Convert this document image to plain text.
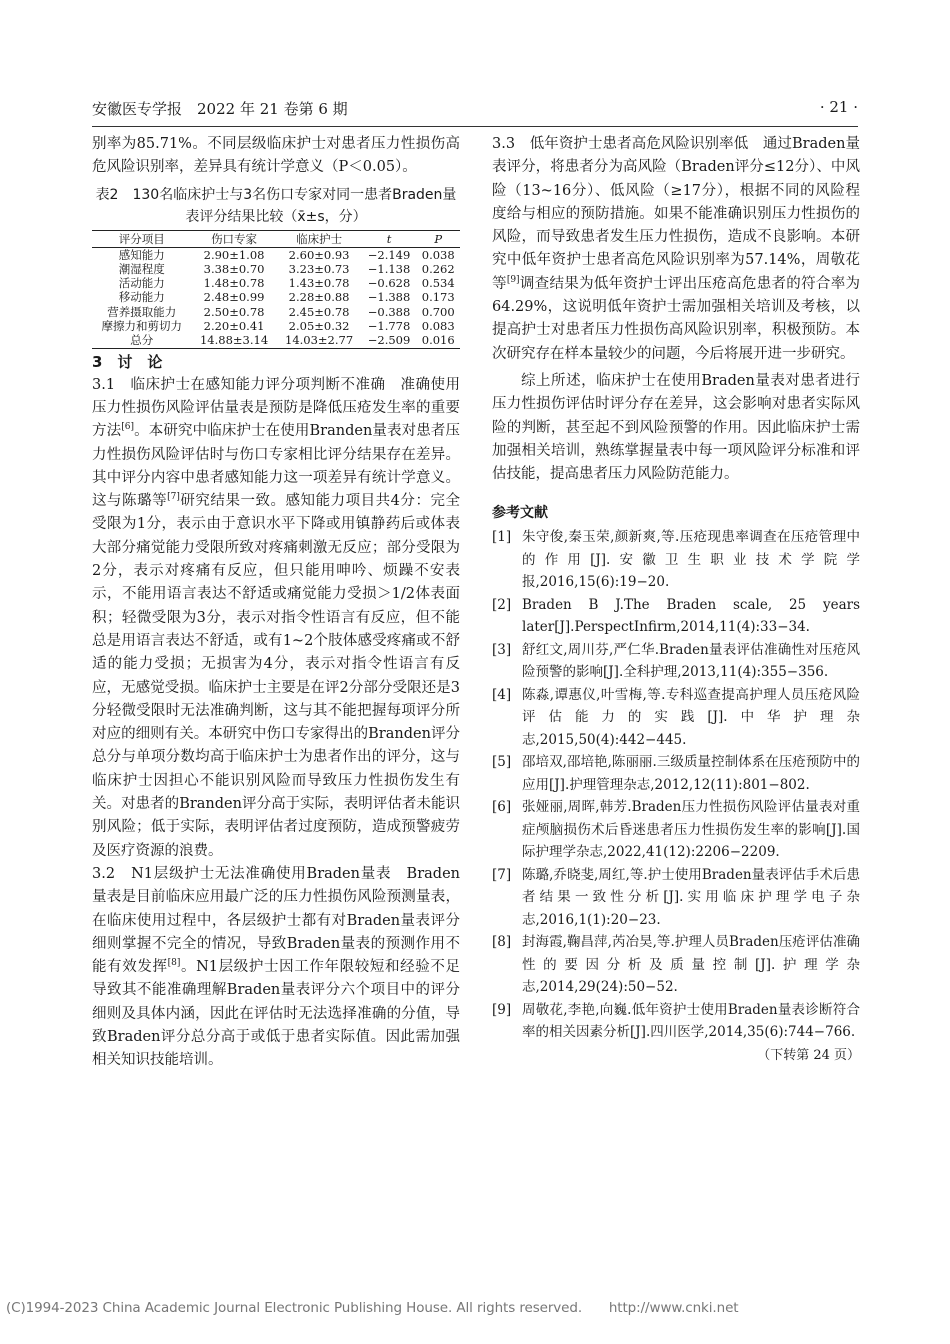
安徽医专学报　2022 年 21 卷第 6 期	· 21 ·

别率为85.71%。不同层级临床护士对患者压力性损伤高危风险识别率，差异具有统计学意义（P＜0.05）。

表2　130名临床护士与3名伤口专家对同一患者Braden量表评分结果比较（x̄±s，分）
评分项目	伤口专家	临床护士	t	P
感知能力	2.90±1.08	2.60±0.93	−2.149	0.038
潮湿程度	3.38±0.70	3.23±0.73	−1.138	0.262
活动能力	1.48±0.78	1.43±0.78	−0.628	0.534
移动能力	2.48±0.99	2.28±0.88	−1.388	0.173
营养摄取能力	2.50±0.78	2.45±0.78	−0.388	0.700
摩擦力和剪切力	2.20±0.41	2.05±0.32	−1.778	0.083
总分	14.88±3.14	14.03±2.77	−2.509	0.016
3　讨　论

3.1　临床护士在感知能力评分项判断不准确　准确使用压力性损伤风险评估量表是预防是降低压疮发生率的重要方法[6]。本研究中临床护士在使用Branden量表对患者压力性损伤风险评估时与伤口专家相比评分结果存在差异。其中评分内容中患者感知能力这一项差异有统计学意义。这与陈璐等[7]研究结果一致。感知能力项目共4分：完全受限为1分，表示由于意识水平下降或用镇静药后或体表大部分痛觉能力受限所致对疼痛刺激无反应；部分受限为2分，表示对疼痛有反应，但只能用呻吟、烦躁不安表示，不能用语言表达不舒适或痛觉能力受损＞1/2体表面积；轻微受限为3分，表示对指令性语言有反应，但不能总是用语言表达不舒适，或有1~2个肢体感受疼痛或不舒适的能力受损；无损害为4分，表示对指令性语言有反应，无感觉受损。临床护士主要是在评2分部分受限还是3分轻微受限时无法准确判断，这与其不能把握每项评分所对应的细则有关。本研究中伤口专家得出的Branden评分总分与单项分数均高于临床护士为患者作出的评分，这与临床护士因担心不能识别风险而导致压力性损伤发生有关。对患者的Branden评分高于实际，表明评估者未能识别风险；低于实际，表明评估者过度预防，造成预警疲劳及医疗资源的浪费。

3.2　N1层级护士无法准确使用Braden量表　Braden量表是目前临床应用最广泛的压力性损伤风险预测量表，在临床使用过程中，各层级护士都有对Braden量表评分细则掌握不完全的情况，导致Braden量表的预测作用不能有效发挥[8]。N1层级护士因工作年限较短和经验不足导致其不能准确理解Braden量表评分六个项目中的评分细则及具体内涵，因此在评估时无法选择准确的分值，导致Braden评分总分高于或低于患者实际值。因此需加强相关知识技能培训。

3.3　低年资护士患者高危风险识别率低　通过Braden量表评分，将患者分为高风险（Braden评分≤12分）、中风险（13~16分）、低风险（≥17分），根据不同的风险程度给与相应的预防措施。如果不能准确识别压力性损伤的风险，而导致患者发生压力性损伤，造成不良影响。本研究中低年资护士患者高危风险识别率为57.14%，周敬花等[9]调查结果为低年资护士评出压疮高危患者的符合率为64.29%，这说明低年资护士需加强相关培训及考核，以提高护士对患者压力性损伤高风险识别率，积极预防。本次研究存在样本量较少的问题，今后将展开进一步研究。

综上所述，临床护士在使用Braden量表对患者进行压力性损伤评估时评分存在差异，这会影响对患者实际风险的判断，甚至起不到风险预警的作用。因此临床护士需加强相关培训，熟练掌握量表中每一项风险评分标准和评估技能，提高患者压力风险防范能力。

参考文献
[1] 朱守俊,秦玉荣,颜新爽,等.压疮现患率调查在压疮管理中的作用[J].安徽卫生职业技术学院学报,2016,15(6):19−20.
[2] Braden B J.The Braden scale, 25 years later[J].PerspectInfirm,2014,11(4):33−34.
[3] 舒红文,周川芬,严仁华.Braden量表评估准确性对压疮风险预警的影响[J].全科护理,2013,11(4):355−356.
[4] 陈淼,谭惠仪,叶雪梅,等.专科巡查提高护理人员压疮风险评估能力的实践[J].中华护理杂志,2015,50(4):442−445.
[5] 邵培双,邵培艳,陈丽丽.三级质量控制体系在压疮预防中的应用[J].护理管理杂志,2012,12(11):801−802.
[6] 张娅丽,周晖,韩芳.Braden压力性损伤风险评估量表对重症颅脑损伤术后昏迷患者压力性损伤发生率的影响[J].国际护理学杂志,2022,41(12):2206−2209.
[7] 陈璐,乔晓斐,周红,等.护士使用Braden量表评估手术后患者结果一致性分析[J].实用临床护理学电子杂志,2016,1(1):20−23.
[8] 封海霞,鞠昌萍,芮冶昊,等.护理人员Braden压疮评估准确性的要因分析及质量控制[J].护理学杂志,2014,29(24):50−52.
[9] 周敬花,李艳,向巍.低年资护士使用Braden量表诊断符合率的相关因素分析[J].四川医学,2014,35(6):744−766.
（下转第 24 页）
(C)1994-2023 China Academic Journal Electronic Publishing House. All rights reserved.　　http://www.cnki.net
